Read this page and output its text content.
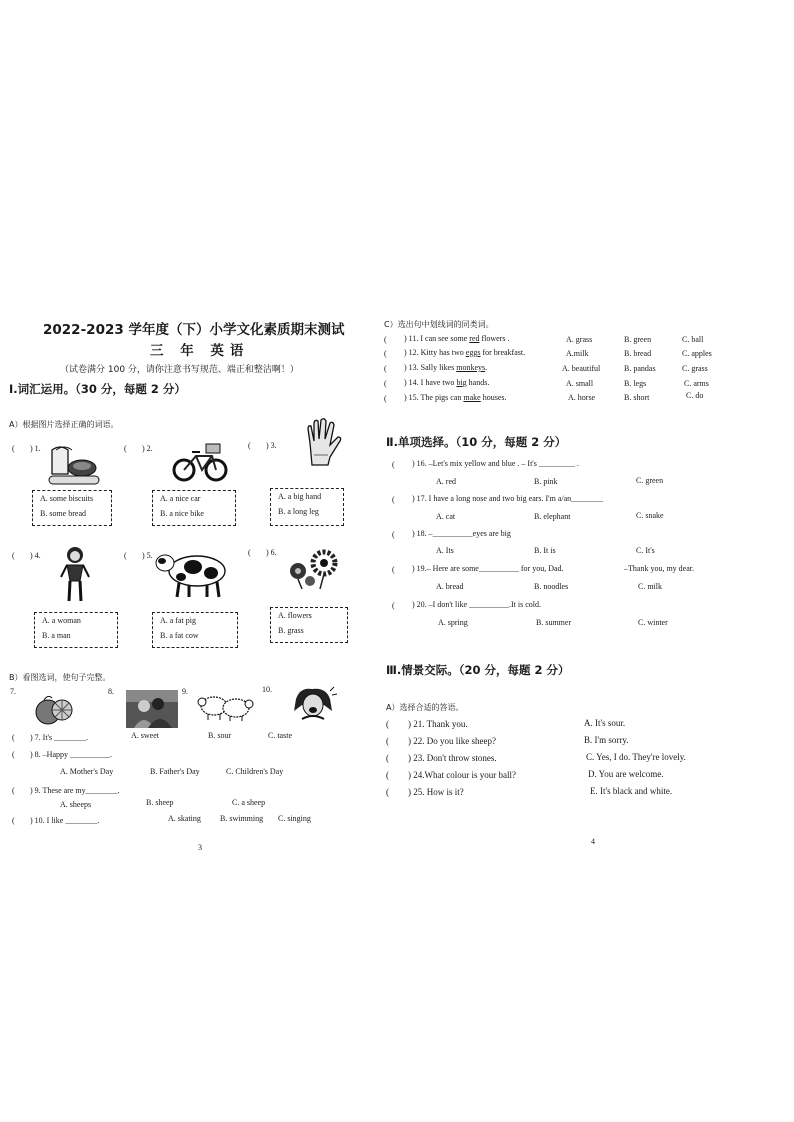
2022-2023 学年度（下）小学文化素质期末测试
三 年 英语
（试卷满分 100 分，请你注意书写规范、端正和整洁啊！）
Ⅰ.词汇运用。（30 分，每题 2 分）
A）根据图片选择正确的词语。
( ) 1.	( ) 2.	( ) 3.
A. some biscuits
B. some bread
A. a nice car
B. a nice bike
A. a big hand
B. a long leg
( ) 4.	( ) 5.	( ) 6.
A. a woman
B. a man
A. a fat pig
B. a fat cow
A. flowers
B. grass
B）看图选词，使句子完整。
7.	8.	9.	10.
( ) 7. It's ________.	A. sweet	B. sour	C. taste
( ) 8. –Happy __________.
A. Mother's Day	B. Father's Day	C. Children's Day
( ) 9. These are my________.
A. sheeps	B. sheep	C. a sheep
( ) 10. I like ________.	A. skating B. swimming C. singing
3
C）选出句中划线词的同类词。
( ) 11. I can see some red flowers .	A. grass	B. green	C. ball
( ) 12. Kitty has two eggs for breakfast.	A.milk	B. bread	C. apples
( ) 13. Sally likes monkeys.	A. beautiful	B. pandas	C. grass
( ) 14. I have two big hands.	A. small	B. legs	C. arms
( ) 15. The pigs can make houses.	A. horse	B. short	C. do
Ⅱ.单项选择。（10 分，每题 2 分）
( ) 16. –Let's mix yellow and blue . – It's _________ .
A. red	B. pink	C. green
( ) 17. I have a long nose and two big ears. I'm a/an________
A. cat	B. elephant	C. snake
( ) 18. –__________eyes are big
A. Its	B. It is	C. It's
( ) 19.– Here are some__________ for you, Dad.	–Thank you, my dear.
A. bread	B. noodles	C. milk
( ) 20. –I don't like __________.It is cold.
A. spring	B. summer	C. winter
Ⅲ.情景交际。（20 分，每题 2 分）
A）选择合适的答语。
( ) 21. Thank you.	A. It's sour.
( ) 22. Do you like sheep?	B. I'm sorry.
( ) 23. Don't throw stones.	C. Yes, I do. They're lovely.
( ) 24.What colour is your ball?	D. You are welcome.
( ) 25. How is it?	E. It's black and white.
4
